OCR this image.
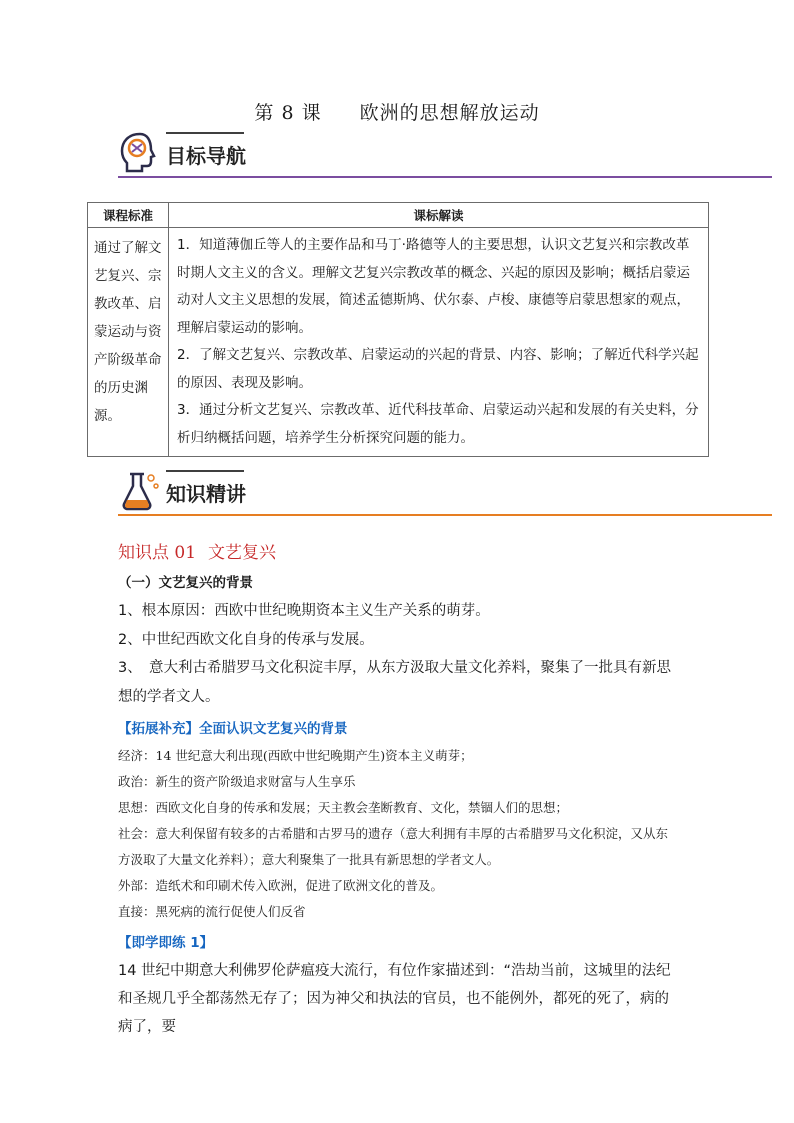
第 8 课 欧洲的思想解放运动
目标导航
课程标准	课标解读
通过了解文艺复兴、宗教改革、启蒙运动与资产阶级革命的历史渊源。	1．知道薄伽丘等人的主要作品和马丁·路德等人的主要思想，认识文艺复兴和宗教改革时期人文主义的含义。理解文艺复兴宗教改革的概念、兴起的原因及影响；概括启蒙运动对人文主义思想的发展，简述孟德斯鸠、伏尔泰、卢梭、康德等启蒙思想家的观点，理解启蒙运动的影响。

2．了解文艺复兴、宗教改革、启蒙运动的兴起的背景、内容、影响；了解近代科学兴起的原因、表现及影响。

3．通过分析文艺复兴、宗教改革、近代科技革命、启蒙运动兴起和发展的有关史料，分析归纳概括问题，培养学生分析探究问题的能力。

知识精讲
知识点 01 文艺复兴
（一）文艺复兴的背景

1、根本原因：西欧中世纪晚期资本主义生产关系的萌芽。

2、中世纪西欧文化自身的传承与发展。

3、　意大利古希腊罗马文化积淀丰厚，从东方汲取大量文化养料，聚集了一批具有新思想的学者文人。

【拓展补充】全面认识文艺复兴的背景

经济：14 世纪意大利出现(西欧中世纪晚期产生)资本主义萌芽；

政治：新生的资产阶级追求财富与人生享乐

思想：西欧文化自身的传承和发展；天主教会垄断教育、文化，禁锢人们的思想；

社会：意大利保留有较多的古希腊和古罗马的遗存（意大利拥有丰厚的古希腊罗马文化积淀，又从东方汲取了大量文化养料）；意大利聚集了一批具有新思想的学者文人。

外部：造纸术和印刷术传入欧洲，促进了欧洲文化的普及。

直接：黑死病的流行促使人们反省

【即学即练 1】

14 世纪中期意大利佛罗伦萨瘟疫大流行，有位作家描述到：“浩劫当前，这城里的法纪和圣规几乎全都荡然无存了；因为神父和执法的官员，也不能例外，都死的死了，病的病了，要
